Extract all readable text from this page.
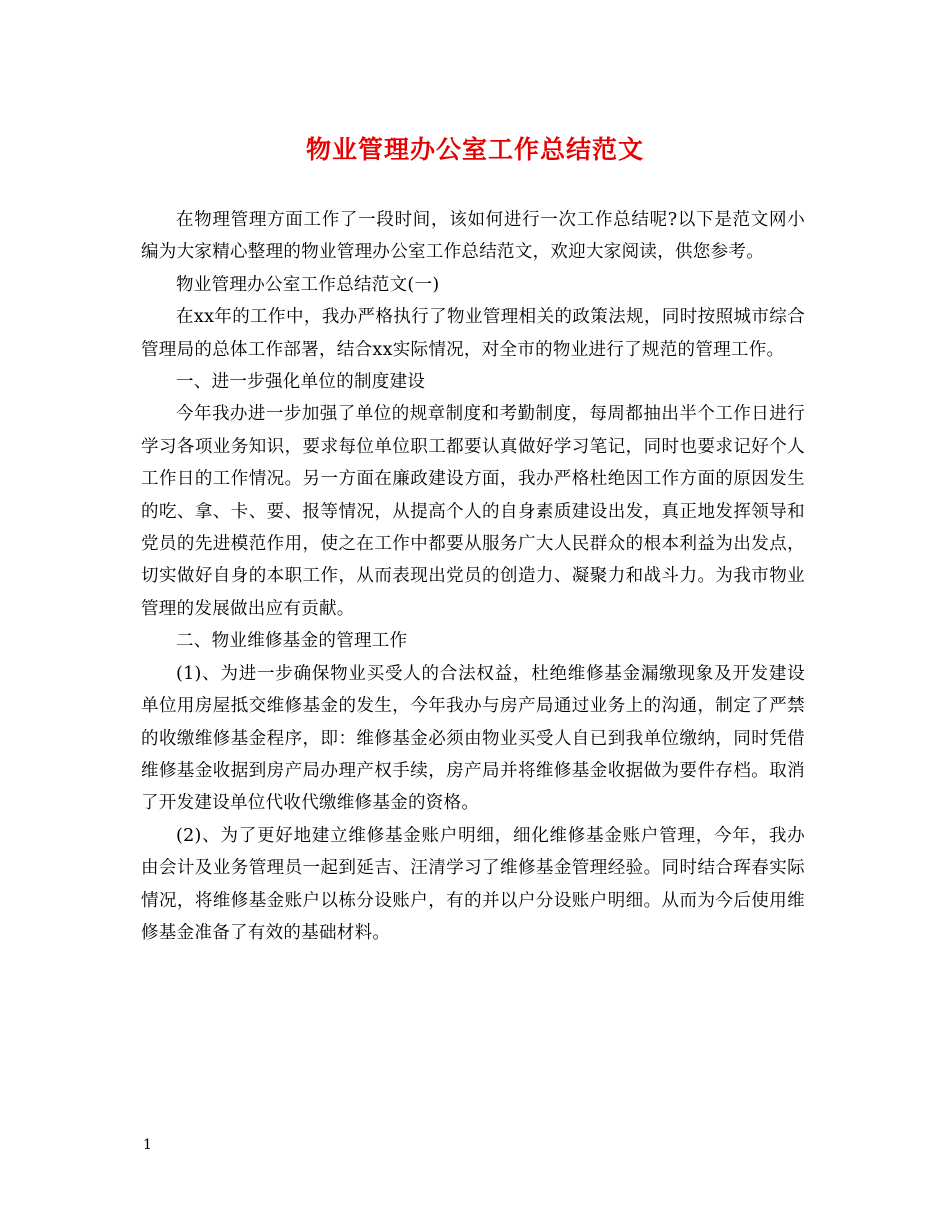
物业管理办公室工作总结范文

在物理管理方面工作了一段时间，该如何进行一次工作总结呢?以下是范文网小编为大家精心整理的物业管理办公室工作总结范文，欢迎大家阅读，供您参考。

物业管理办公室工作总结范文(一)

在xx年的工作中，我办严格执行了物业管理相关的政策法规，同时按照城市综合管理局的总体工作部署，结合xx实际情况，对全市的物业进行了规范的管理工作。

一、进一步强化单位的制度建设

今年我办进一步加强了单位的规章制度和考勤制度，每周都抽出半个工作日进行学习各项业务知识，要求每位单位职工都要认真做好学习笔记，同时也要求记好个人工作日的工作情况。另一方面在廉政建设方面，我办严格杜绝因工作方面的原因发生的吃、拿、卡、要、报等情况，从提高个人的自身素质建设出发，真正地发挥领导和党员的先进模范作用，使之在工作中都要从服务广大人民群众的根本利益为出发点，切实做好自身的本职工作，从而表现出党员的创造力、凝聚力和战斗力。为我市物业管理的发展做出应有贡献。

二、物业维修基金的管理工作

(1)、为进一步确保物业买受人的合法权益，杜绝维修基金漏缴现象及开发建设单位用房屋抵交维修基金的发生，今年我办与房产局通过业务上的沟通，制定了严禁的收缴维修基金程序，即：维修基金必须由物业买受人自已到我单位缴纳，同时凭借维修基金收据到房产局办理产权手续，房产局并将维修基金收据做为要件存档。取消了开发建设单位代收代缴维修基金的资格。

(2)、为了更好地建立维修基金账户明细，细化维修基金账户管理，今年，我办由会计及业务管理员一起到延吉、汪清学习了维修基金管理经验。同时结合珲春实际情况，将维修基金账户以栋分设账户，有的并以户分设账户明细。从而为今后使用维修基金准备了有效的基础材料。

1
